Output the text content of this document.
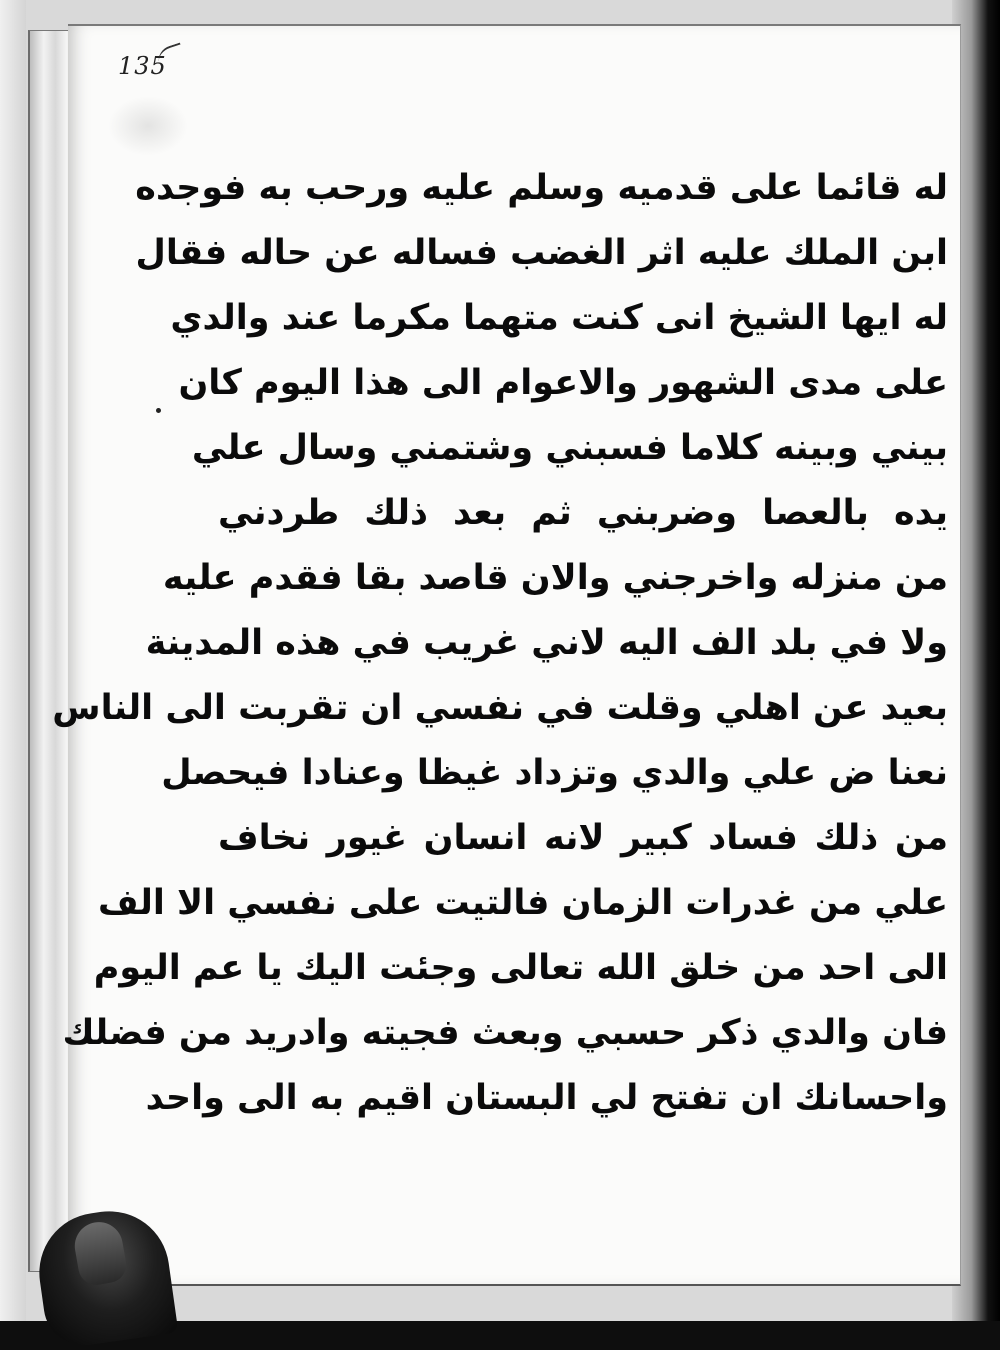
135
له قائما على قدميه وسلم عليه ورحب به فوجده
ابن الملك عليه اثر الغضب فساله عن حاله فقال
له ايها الشيخ انى كنت متهما مكرما عند والدي
على مدى الشهور والاعوام الى هذا اليوم كان
بيني وبينه كلاما فسبني وشتمني وسال علي
يده بالعصا وضربني ثم بعد ذلك طردني
من منزله واخرجني والان قاصد بقا فقدم عليه
ولا في بلد الف اليه لاني غريب في هذه المدينة
بعيد عن اهلي وقلت في نفسي ان تقربت الى الناس
نعنا ض علي والدي وتزداد غيظا وعنادا فيحصل
من ذلك فساد كبير لانه انسان غيور نخاف
علي من غدرات الزمان فالتيت على نفسي الا الف
الى احد من خلق الله تعالى وجئت اليك يا عم اليوم
فان والدي ذكر حسبي وبعث فجيته وادريد من فضلك
واحسانك ان تفتح لي البستان اقيم به الى واحد
